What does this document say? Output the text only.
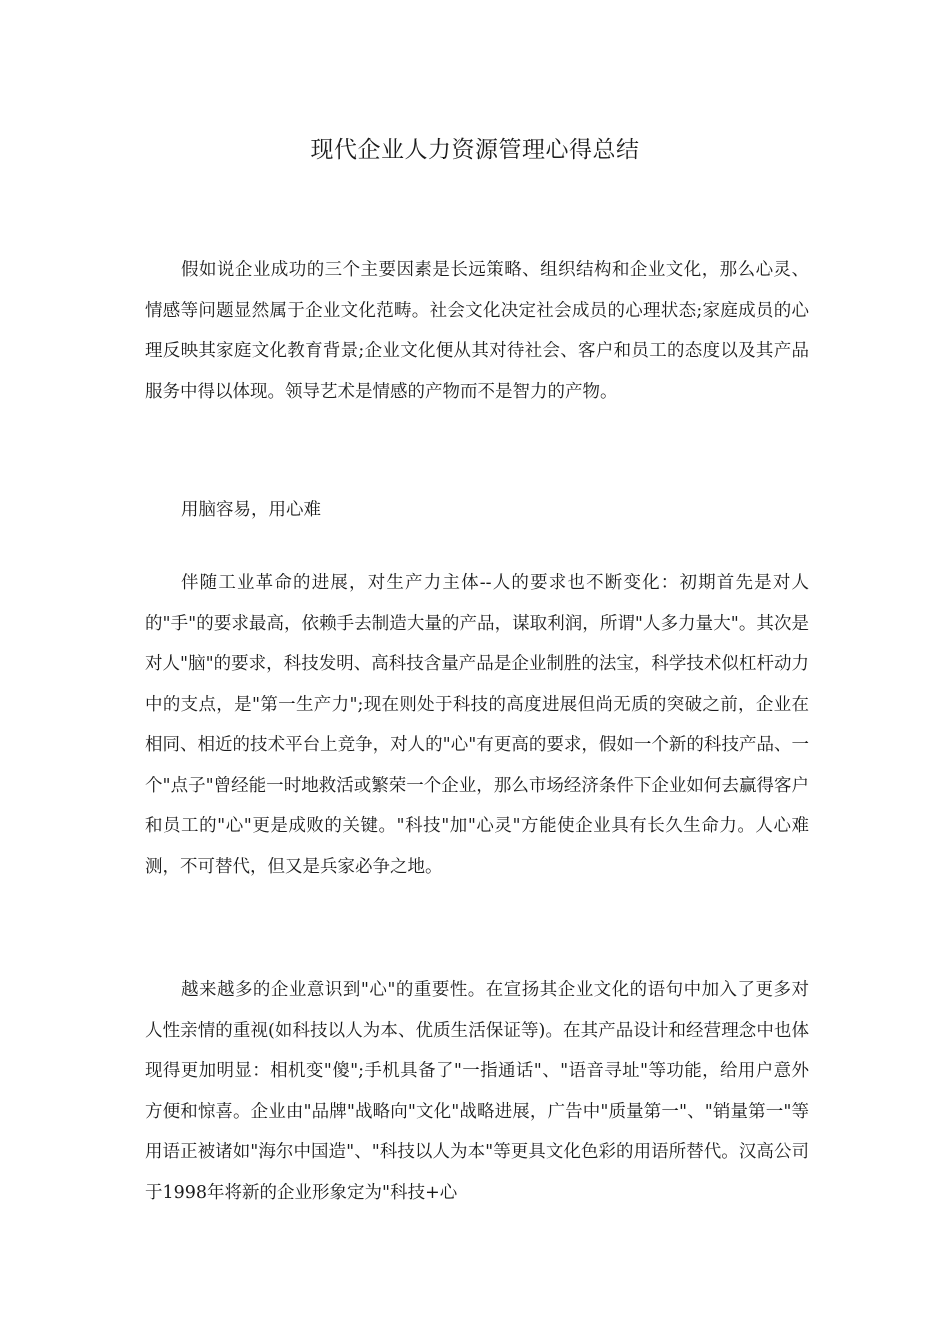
现代企业人力资源管理心得总结

假如说企业成功的三个主要因素是长远策略、组织结构和企业文化，那么心灵、情感等问题显然属于企业文化范畴。社会文化决定社会成员的心理状态;家庭成员的心理反映其家庭文化教育背景;企业文化便从其对待社会、客户和员工的态度以及其产品服务中得以体现。领导艺术是情感的产物而不是智力的产物。

用脑容易，用心难

伴随工业革命的进展，对生产力主体--人的要求也不断变化：初期首先是对人的"手"的要求最高，依赖手去制造大量的产品，谋取利润，所谓"人多力量大"。其次是对人"脑"的要求，科技发明、高科技含量产品是企业制胜的法宝，科学技术似杠杆动力中的支点，是"第一生产力";现在则处于科技的高度进展但尚无质的突破之前，企业在相同、相近的技术平台上竞争，对人的"心"有更高的要求，假如一个新的科技产品、一个"点子"曾经能一时地救活或繁荣一个企业，那么市场经济条件下企业如何去赢得客户和员工的"心"更是成败的关键。"科技"加"心灵"方能使企业具有长久生命力。人心难测，不可替代，但又是兵家必争之地。

越来越多的企业意识到"心"的重要性。在宣扬其企业文化的语句中加入了更多对人性亲情的重视(如科技以人为本、优质生活保证等)。在其产品设计和经营理念中也体现得更加明显：相机变"傻";手机具备了"一指通话"、"语音寻址"等功能，给用户意外方便和惊喜。企业由"品牌"战略向"文化"战略进展，广告中"质量第一"、"销量第一"等用语正被诸如"海尔中国造"、"科技以人为本"等更具文化色彩的用语所替代。汉高公司于1998年将新的企业形象定为"科技+心
